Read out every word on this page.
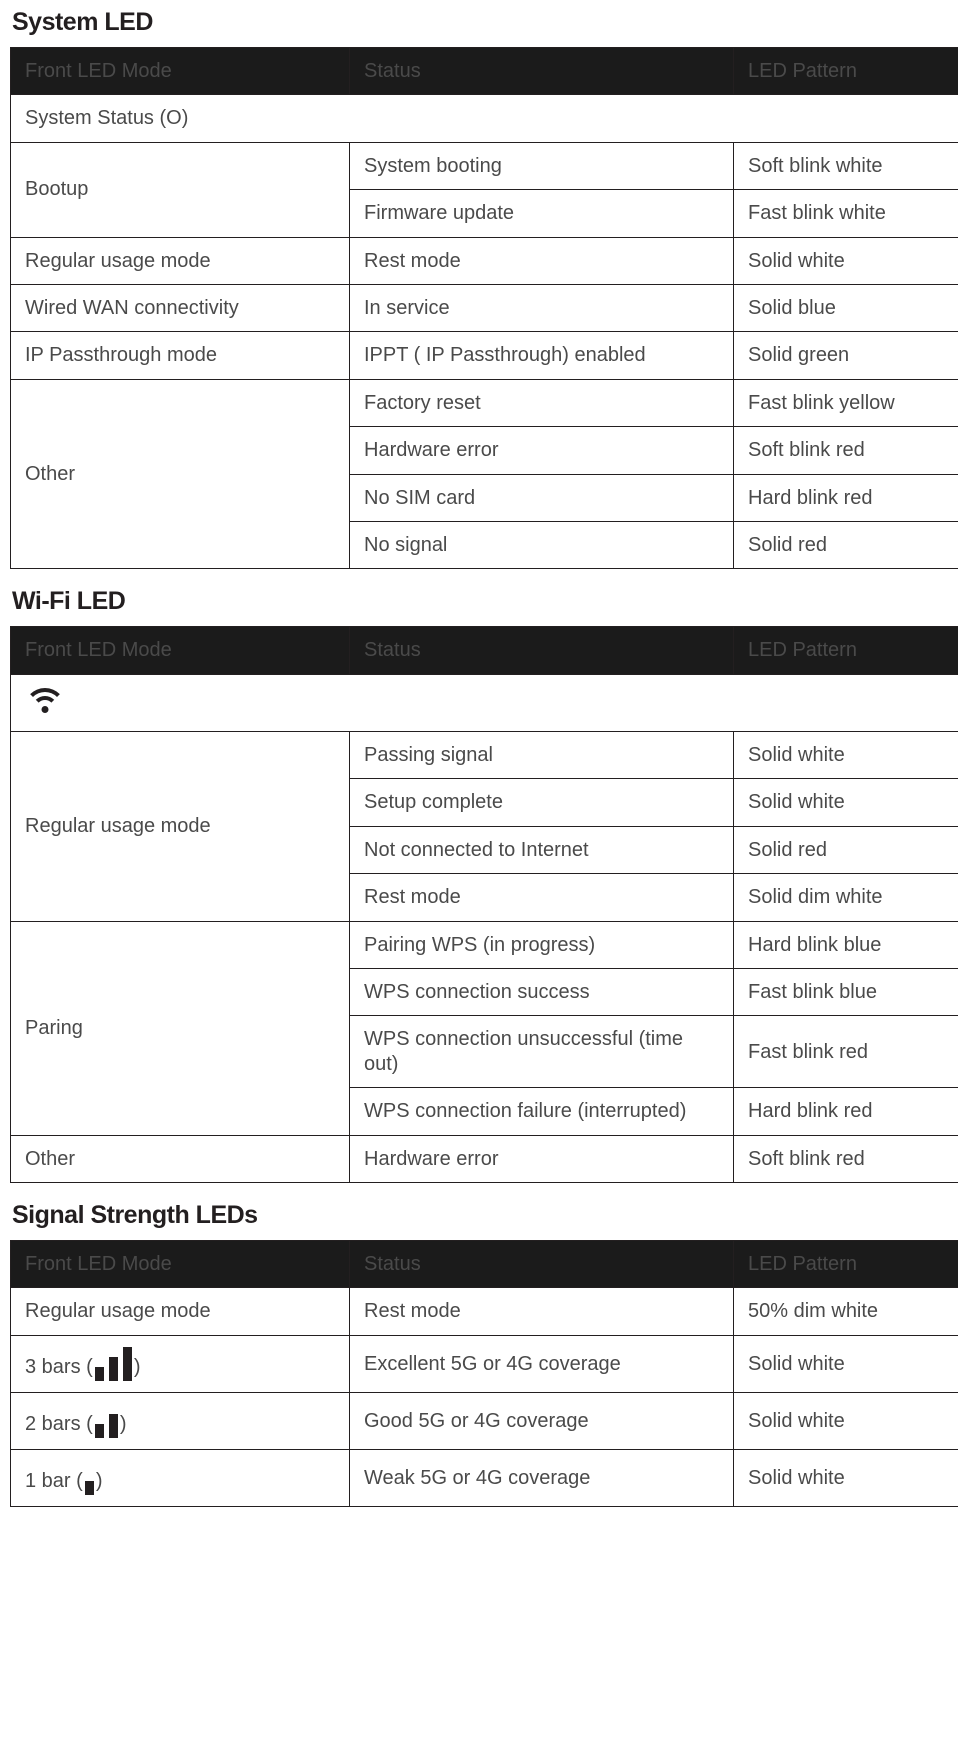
System LED
Front LED Mode	Status	LED Pattern
System Status (O)		
Bootup	System booting	Soft blink white
	Firmware update	Fast blink white
Regular usage mode	Rest mode	Solid white
Wired WAN connectivity	In service	Solid blue
IP Passthrough mode	IPPT ( IP Passthrough) enabled	Solid green
Other	Factory reset	Fast blink yellow
	Hardware error	Soft blink red
	No SIM card	Hard blink red
	No signal	Solid red
Wi-Fi LED
Front LED Mode	Status	LED Pattern

Regular usage mode	Passing signal	Solid white
	Setup complete	Solid white
	Not connected to Internet	Solid red
	Rest mode	Solid dim white
Paring	Pairing WPS (in progress)	Hard blink blue
	WPS connection success	Fast blink blue
	WPS connection unsuccessful (time out)	Fast blink red
	WPS connection failure (interrupted)	Hard blink red
Other	Hardware error	Soft blink red
Signal Strength LEDs
Front LED Mode	Status	LED Pattern
Regular usage mode	Rest mode	50% dim white
3 bars ( )	Excellent 5G or 4G coverage	Solid white
2 bars ( )	Good 5G or 4G coverage	Solid white
1 bar ( )	Weak 5G or 4G coverage	Solid white
